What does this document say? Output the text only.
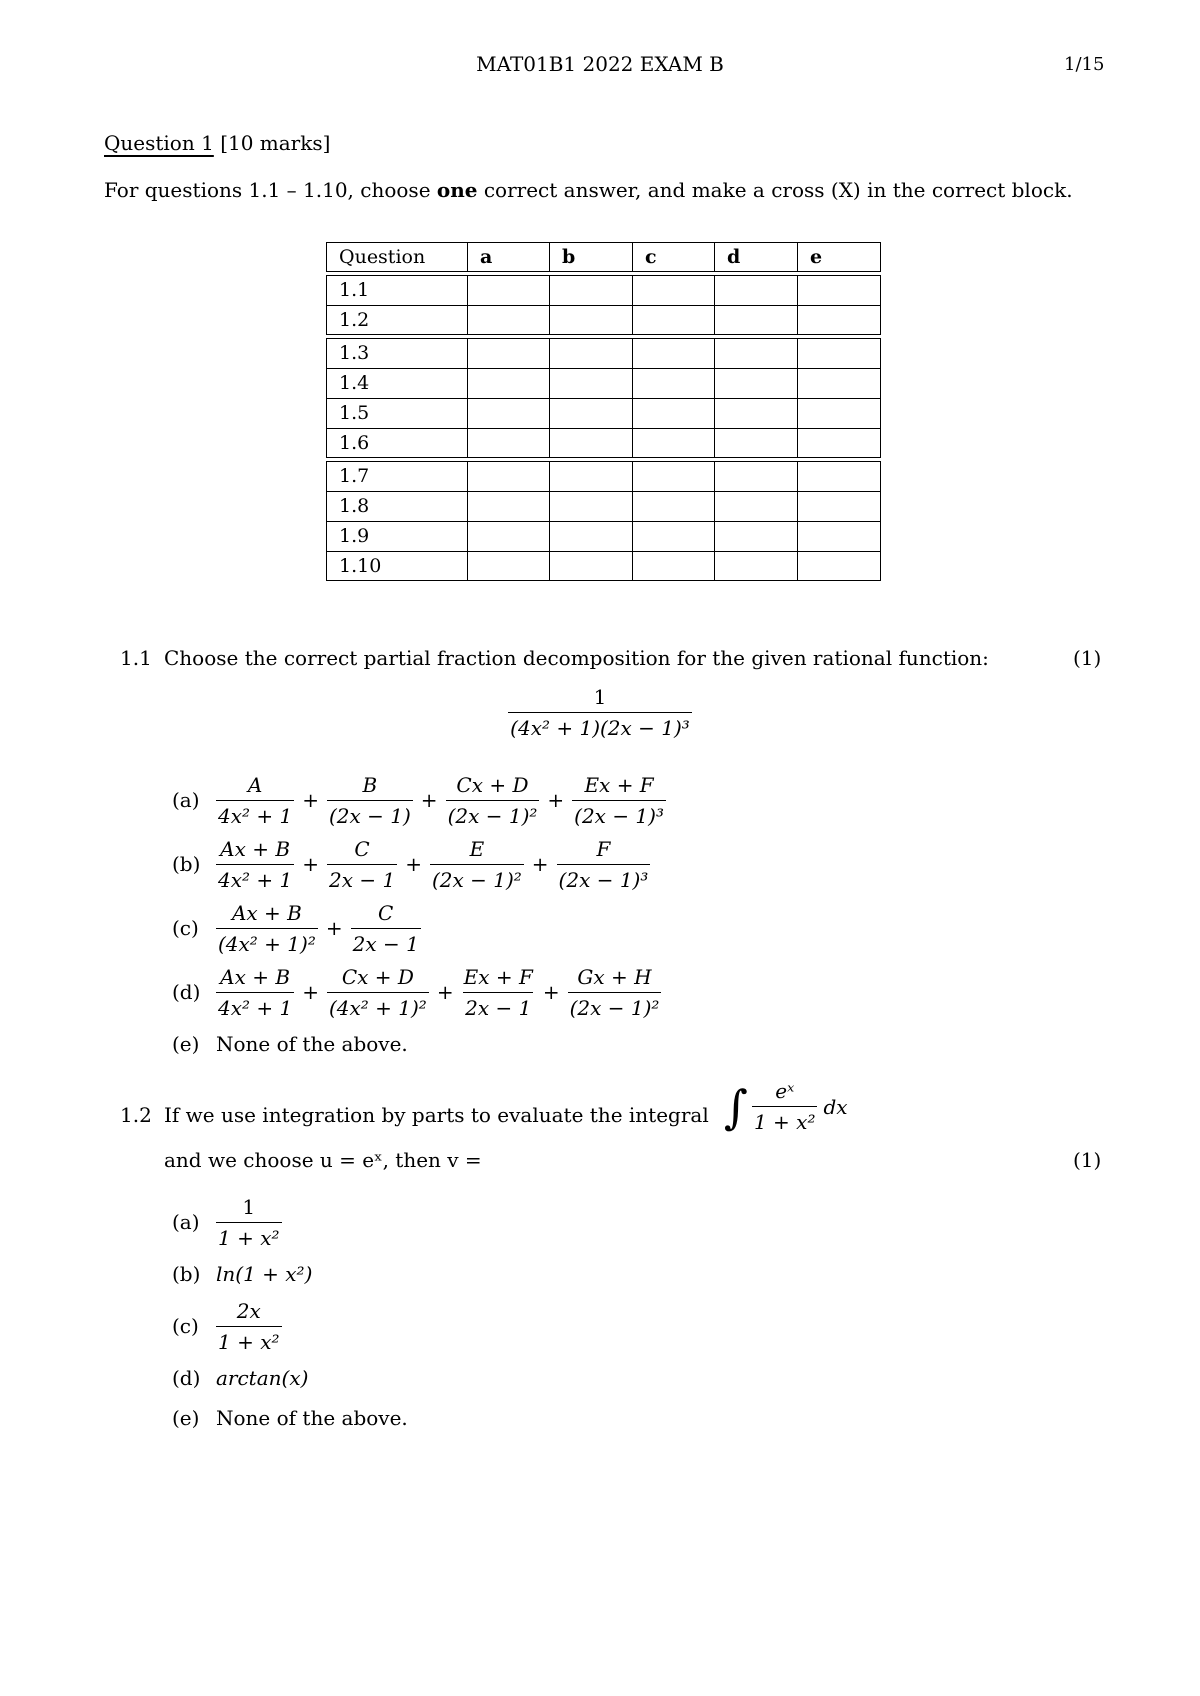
MAT01B1 2022 EXAM B	1/15
Question 1 [10 marks]
For questions 1.1 – 1.10, choose one correct answer, and make a cross (X) in the correct block.
Question	a	b	c	d	e
1.1
1.2
1.3
1.4
1.5
1.6
1.7
1.8
1.9
1.10
1.1 Choose the correct partial fraction decomposition for the given rational function:	(1)
$\frac{1}{\text{(4x² + 1)(2x − 1)³}}$
$(a) \frac{A}{\text{4x² + 1}} + \frac{B}{(2x - 1)} + \frac{Cx + D}{\text{(2x − 1)²}} + \frac{Ex + F}{\text{(2x − 1)³}}$
$(b) \frac{Ax + B}{\text{4x² + 1}} + \frac{C}{2x - 1} + \frac{E}{\text{(2x − 1)²}} + \frac{F}{\text{(2x − 1)³}}$
$(c) \frac{Ax + B}{\text{(4x² + 1)²}} + \frac{C}{2x - 1}$
$(d) \frac{Ax + B}{\text{4x² + 1}} + \frac{Cx + D}{\text{(4x² + 1)²}} + \frac{Ex + F}{2x - 1} + \frac{Gx + H}{\text{(2x − 1)²}}$
(e) None of the above.
1.2 If we use integration by parts to evaluate the integral ∫ $\frac{\text{eˣ}}{\text{1 + x²}}$ dx
and we choose u = eˣ, then v =	(1)
$(a) \frac{1}{\text{1 + x²}}$
(b) ln(1 + x²)
$(c) \frac{2x}{\text{1 + x²}}$
(d) arctan(x)
(e) None of the above.
